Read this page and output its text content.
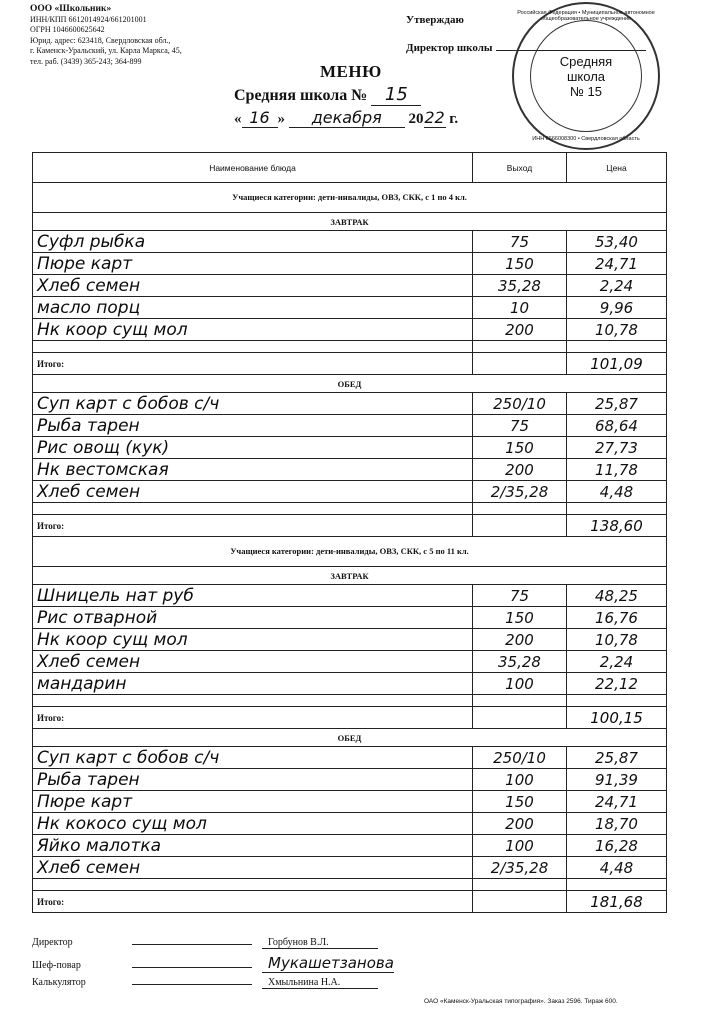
ООО «Школьник»
ИНН/КПП 6612014924/661201001
ОГРН 1046600625642
Юрид. адрес: 623418, Свердловская обл.,
г. Каменск-Уральский, ул. Карла Маркса, 45,
тел. раб. (3439) 365-243; 364-899
Утверждаю
Директор школы
Российская Федерация • Муниципальное автономное общеобразовательное учреждение
Средняя
школа
№ 15
ИНН 6666008300 • Свердловская область
МЕНЮ
Средняя школа № 15
« 16 » декабря 2022 г.
Наименование блюда	Выход	Цена
Учащиеся категории: дети-инвалиды, ОВЗ, СКК, с 1 по 4 кл.		
ЗАВТРАК		
Суфл рыбка	75	53,40
Пюре карт	150	24,71
Хлеб семен	35,28	2,24
масло порц	10	9,96
Нк коор сущ мол	200	10,78

Итого:		101,09
ОБЕД		
Суп карт с бобов с/ч	250/10	25,87
Рыба тарен	75	68,64
Рис овощ (кук)	150	27,73
Нк вестомская	200	11,78
Хлеб семен	2/35,28	4,48

Итого:		138,60
Учащиеся категории: дети-инвалиды, ОВЗ, СКК, с 5 по 11 кл.		
ЗАВТРАК		
Шницель нат руб	75	48,25
Рис отварной	150	16,76
Нк коор сущ мол	200	10,78
Хлеб семен	35,28	2,24
мандарин	100	22,12

Итого:		100,15
ОБЕД		
Суп карт с бобов с/ч	250/10	25,87
Рыба тарен	100	91,39
Пюре карт	150	24,71
Нк кокосо сущ мол	200	18,70
Яйко малотка	100	16,28
Хлеб семен	2/35,28	4,48

Итого:		181,68
Директор	Горбунов В.Л.
Шеф-повар	Мукашетзанова
Калькулятор	Хмыльнина Н.А.
ОАО «Каменск-Уральская типография». Заказ 2596. Тираж 600.
